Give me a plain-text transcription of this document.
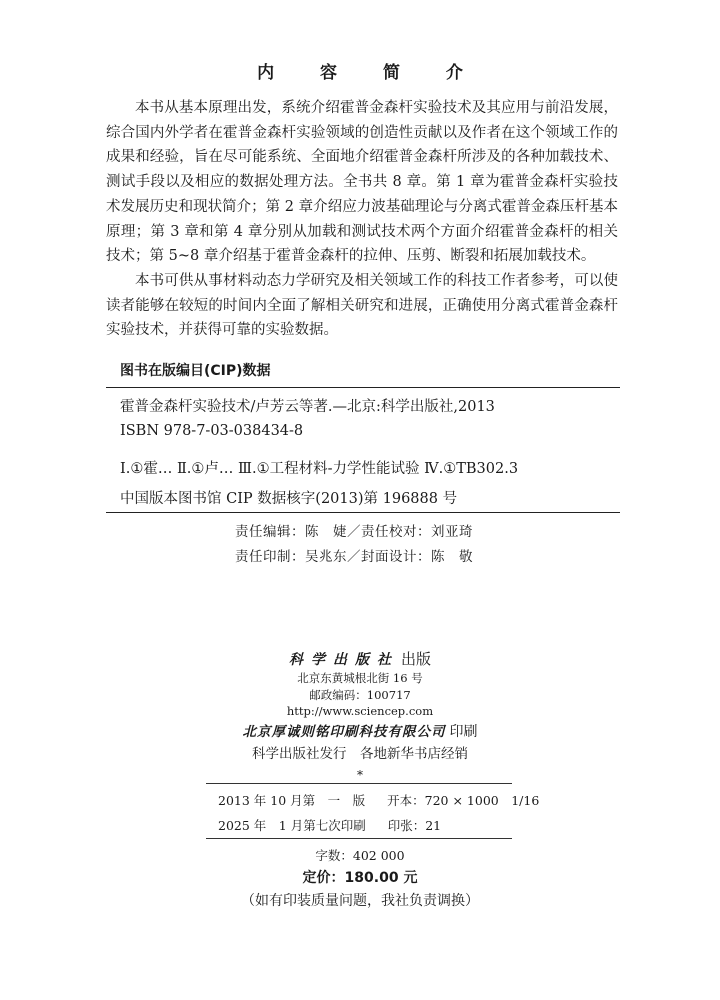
内 容 简 介

本书从基本原理出发，系统介绍霍普金森杆实验技术及其应用与前沿发展，综合国内外学者在霍普金森杆实验领域的创造性贡献以及作者在这个领域工作的成果和经验，旨在尽可能系统、全面地介绍霍普金森杆所涉及的各种加载技术、测试手段以及相应的数据处理方法。全书共 8 章。第 1 章为霍普金森杆实验技术发展历史和现状简介；第 2 章介绍应力波基础理论与分离式霍普金森压杆基本原理；第 3 章和第 4 章分别从加载和测试技术两个方面介绍霍普金森杆的相关技术；第 5~8 章介绍基于霍普金森杆的拉伸、压剪、断裂和拓展加载技术。

本书可供从事材料动态力学研究及相关领域工作的科技工作者参考，可以使读者能够在较短的时间内全面了解相关研究和进展，正确使用分离式霍普金森杆实验技术，并获得可靠的实验数据。

图书在版编目(CIP)数据
霍普金森杆实验技术/卢芳云等著.—北京:科学出版社,2013
ISBN 978-7-03-038434-8
Ⅰ.①霍… Ⅱ.①卢… Ⅲ.①工程材料-力学性能试验 Ⅳ.①TB302.3
中国版本图书馆 CIP 数据核字(2013)第 196888 号
责任编辑：陈　婕／责任校对：刘亚琦
责任印制：吴兆东／封面设计：陈　敬
科学出版社 出版
北京东黄城根北街 16 号
邮政编码：100717
http://www.sciencep.com
北京厚诚则铭印刷科技有限公司 印刷
科学出版社发行　各地新华书店经销
*
2013 年 10 月第　一　版 开本：720 × 1000　1/16
2025 年　1 月第七次印刷 印张：21
字数：402 000
定价：180.00 元
（如有印装质量问题，我社负责调换）
